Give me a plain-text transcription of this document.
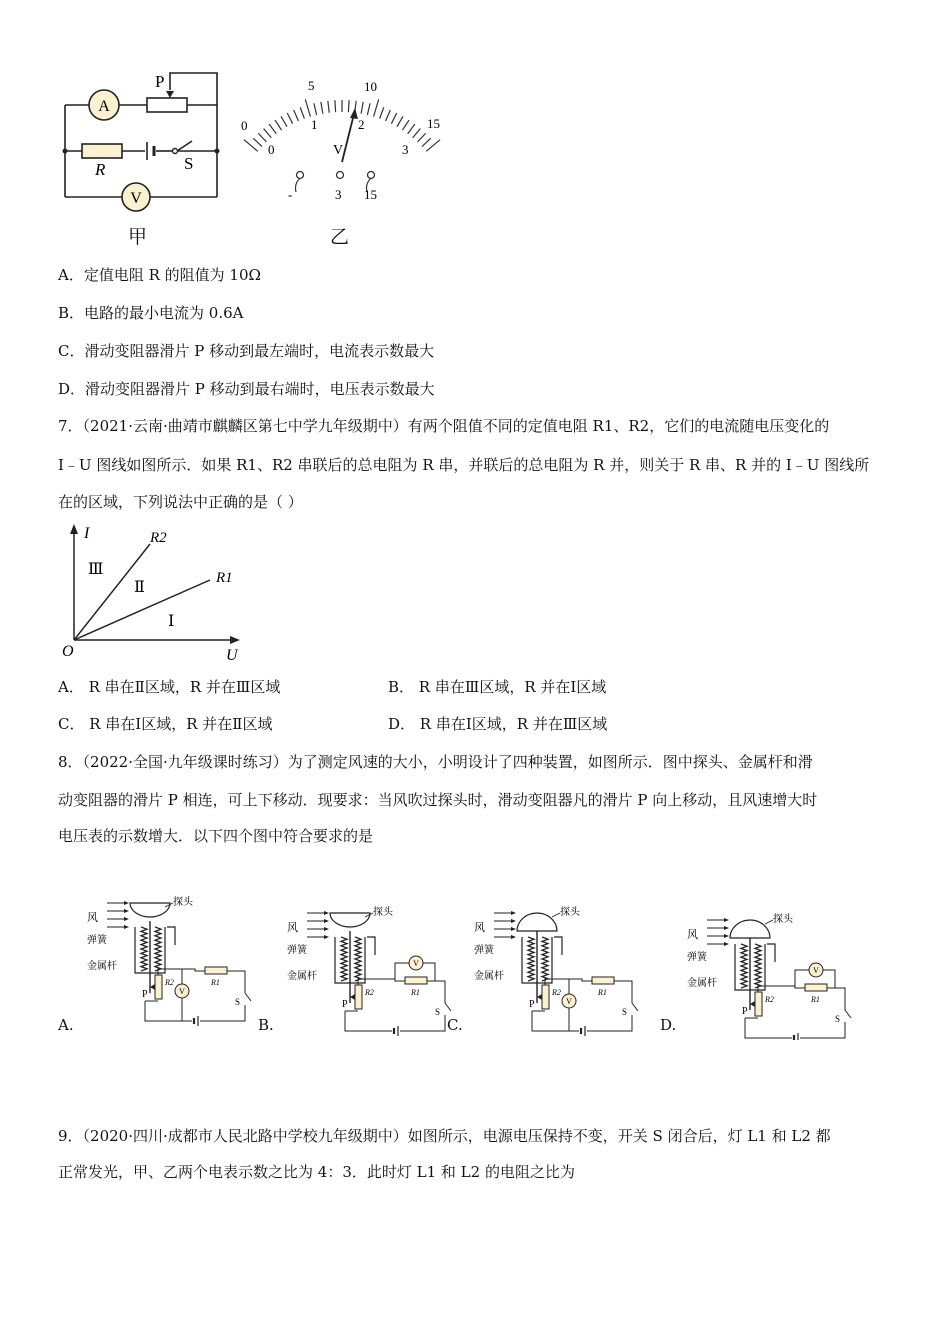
A
P
R	S
V
甲
5	10
15
0
0
1	2
3
V
-	3 15
乙
A．定值电阻 R 的阻值为 10Ω
B．电路的最小电流为 0.6A
C．滑动变阻器滑片 P 移动到最左端时，电流表示数最大
D．滑动变阻器滑片 P 移动到最右端时，电压表示数最大
7．（2021·云南·曲靖市麒麟区第七中学九年级期中）有两个阻值不同的定值电阻 R1、R2，它们的电流随电压变化的
I﹣U 图线如图所示．如果 R1、R2 串联后的总电阻为 R 串，并联后的总电阻为 R 并，则关于 R 串、R 并的 I﹣U 图线所
在的区域，下列说法中正确的是（ ）
I
U
O
R2
R1
Ⅲ
Ⅱ
Ⅰ
A． R 串在Ⅱ区域，R 并在Ⅲ区域	B． R 串在Ⅲ区域，R 并在Ⅰ区域
C． R 串在Ⅰ区域，R 并在Ⅱ区域	D． R 串在Ⅰ区域，R 并在Ⅲ区域
8．（2022·全国·九年级课时练习）为了测定风速的大小，小明设计了四种装置，如图所示．图中探头、金属杆和滑
动变阻器的滑片 P 相连，可上下移动．现要求：当风吹过探头时，滑动变阻器凡的滑片 P 向上移动，且风速增大时
电压表的示数增大．以下四个图中符合要求的是
风
弹簧
金属杆
探头
P
R2	R1
S
V
风
弹簧
金属杆
探头
P
R2	R1
S
V
风
弹簧
金属杆
探头
P
R2	R1
S
V
风
弹簧
金属杆
探头
P
R2	R1
S
V
A.	B.	C.	D.
9．（2020·四川·成都市人民北路中学校九年级期中）如图所示，电源电压保持不变，开关 S 闭合后，灯 L1 和 L2 都
正常发光，甲、乙两个电表示数之比为 4：3．此时灯 L1 和 L2 的电阻之比为
